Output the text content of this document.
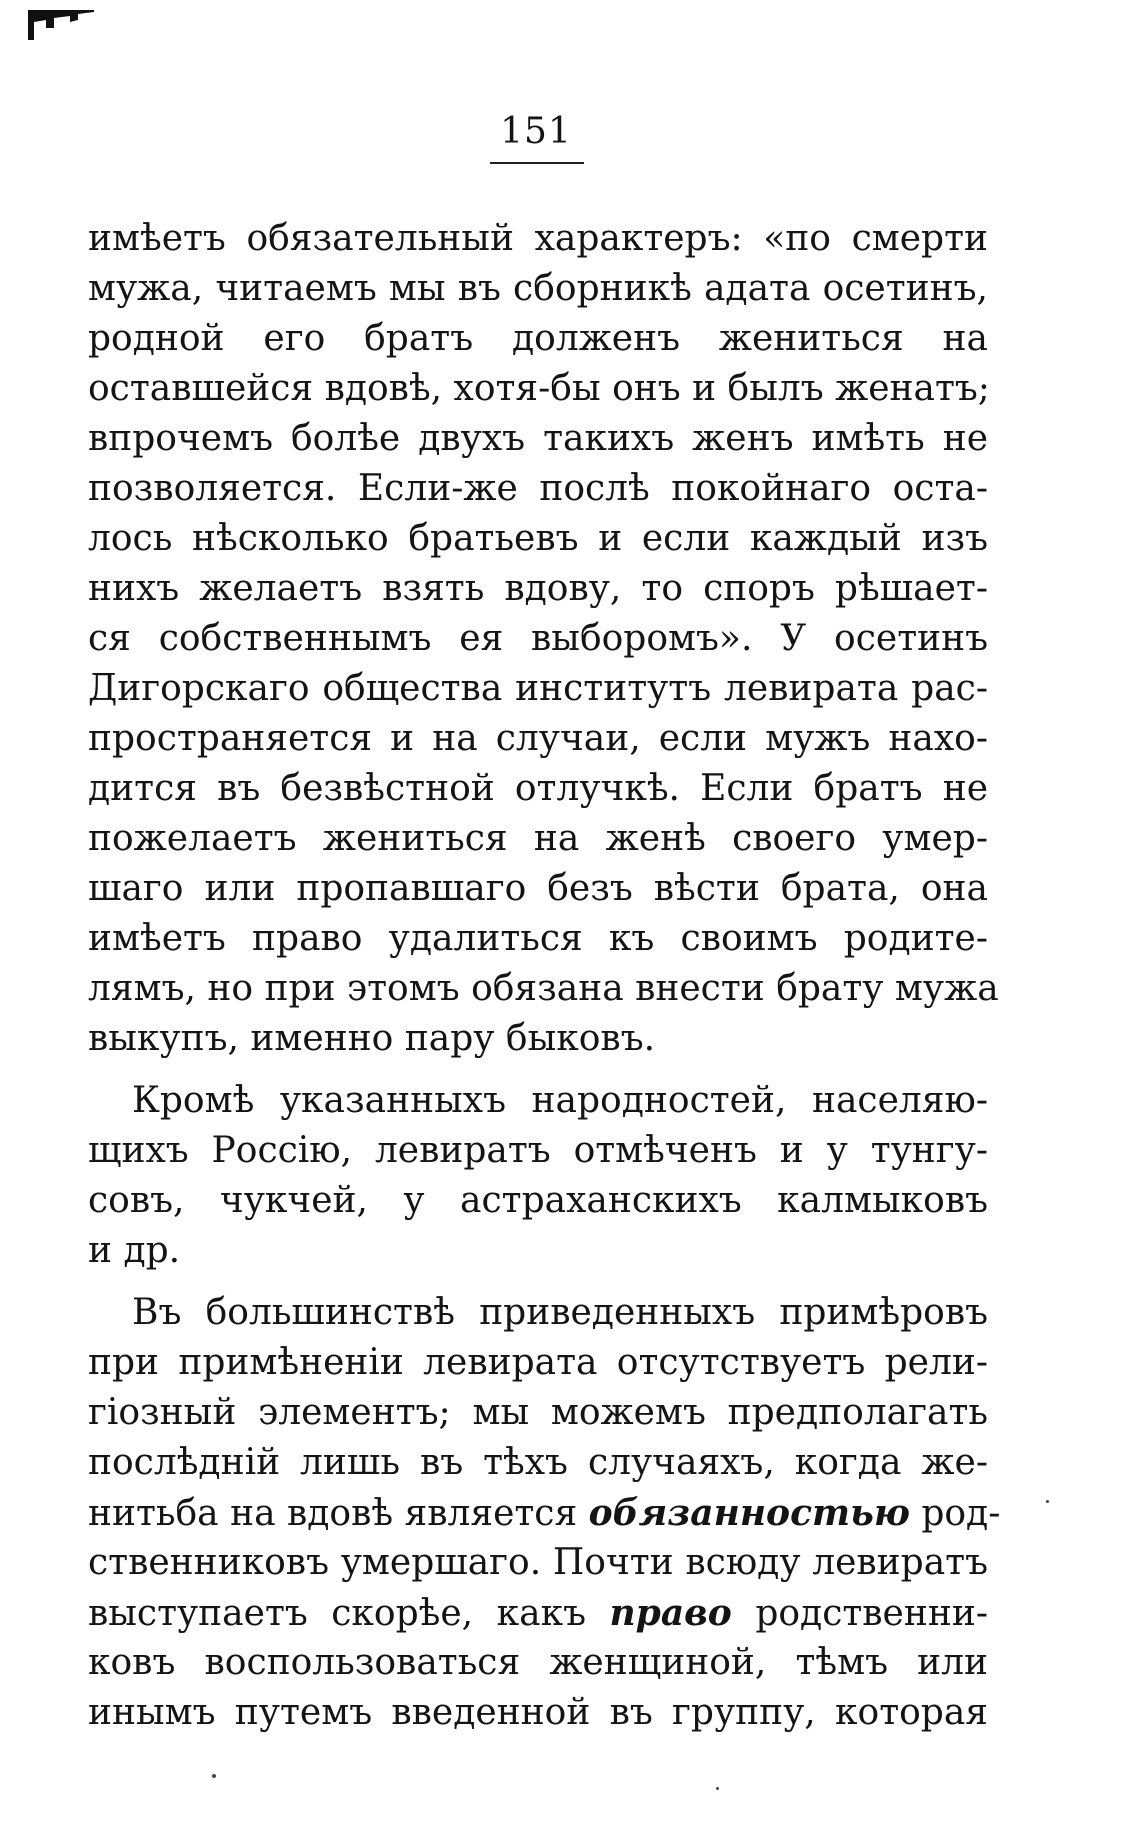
151
имѣетъ обязательный характеръ: «по смерти
мужа, читаемъ мы въ сборникѣ адата осетинъ,
родной его братъ долженъ жениться на
оставшейся вдовѣ, хотя-бы онъ и былъ женатъ;
впрочемъ болѣе двухъ такихъ женъ имѣть не
позволяется. Если-же послѣ покойнаго оста-
лось нѣсколько братьевъ и если каждый изъ
нихъ желаетъ взять вдову, то споръ рѣшает-
ся собственнымъ ея выборомъ». У осетинъ
Дигорскаго общества институтъ левирата рас-
пространяется и на случаи, если мужъ нахо-
дится въ безвѣстной отлучкѣ. Если братъ не
пожелаетъ жениться на женѣ своего умер-
шаго или пропавшаго безъ вѣсти брата, она
имѣетъ право удалиться къ своимъ родите-
лямъ, но при этомъ обязана внести брату мужа
выкупъ, именно пару быковъ.
Кромѣ указанныхъ народностей, населяю-
щихъ Россію, левиратъ отмѣченъ и у тунгу-
совъ, чукчей, у астраханскихъ калмыковъ
и др.
Въ большинствѣ приведенныхъ примѣровъ
при примѣненіи левирата отсутствуетъ рели-
гіозный элементъ; мы можемъ предполагать
послѣдній лишь въ тѣхъ случаяхъ, когда же-
нитьба на вдовѣ является обязанностью род-
ственниковъ умершаго. Почти всюду левиратъ
выступаетъ скорѣе, какъ право родственни-
ковъ воспользоваться женщиной, тѣмъ или
инымъ путемъ введенной въ группу, которая
